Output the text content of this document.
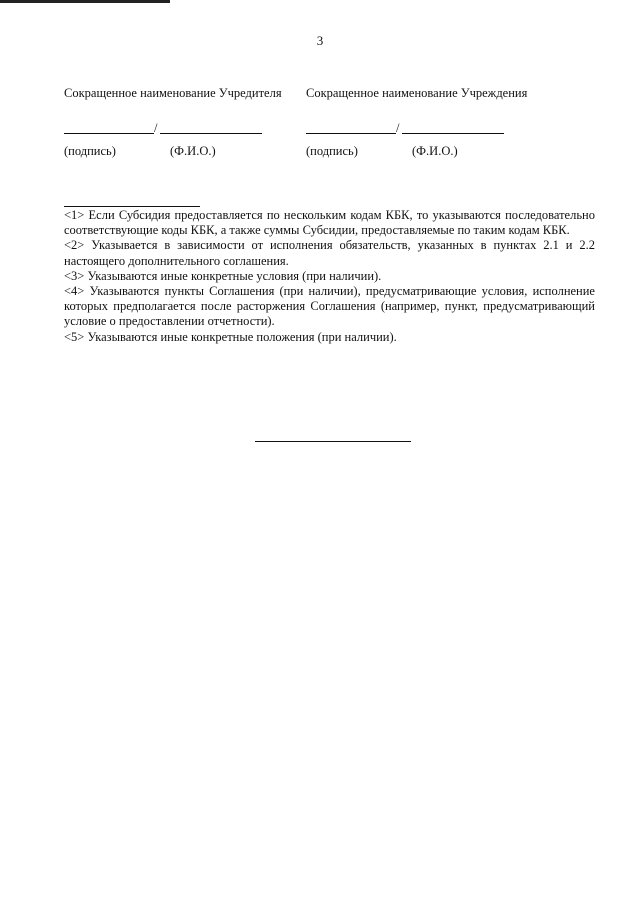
3
Сокращенное наименование Учредителя
/
(подпись)	(Ф.И.О.)
Сокращенное наименование Учреждения
/
(подпись)	(Ф.И.О.)

<1> Если Субсидия предоставляется по нескольким кодам КБК, то указываются последовательно соответствующие коды КБК, а также суммы Субсидии, предоставляемые по таким кодам КБК.

<2> Указывается в зависимости от исполнения обязательств, указанных в пунктах 2.1 и 2.2 настоящего дополнительного соглашения.

<3> Указываются иные конкретные условия (при наличии).

<4> Указываются пункты Соглашения (при наличии), предусматривающие условия, исполнение которых предполагается после расторжения Соглашения (например, пункт, предусматривающий условие о предоставлении отчетности).

<5> Указываются иные конкретные положения (при наличии).
